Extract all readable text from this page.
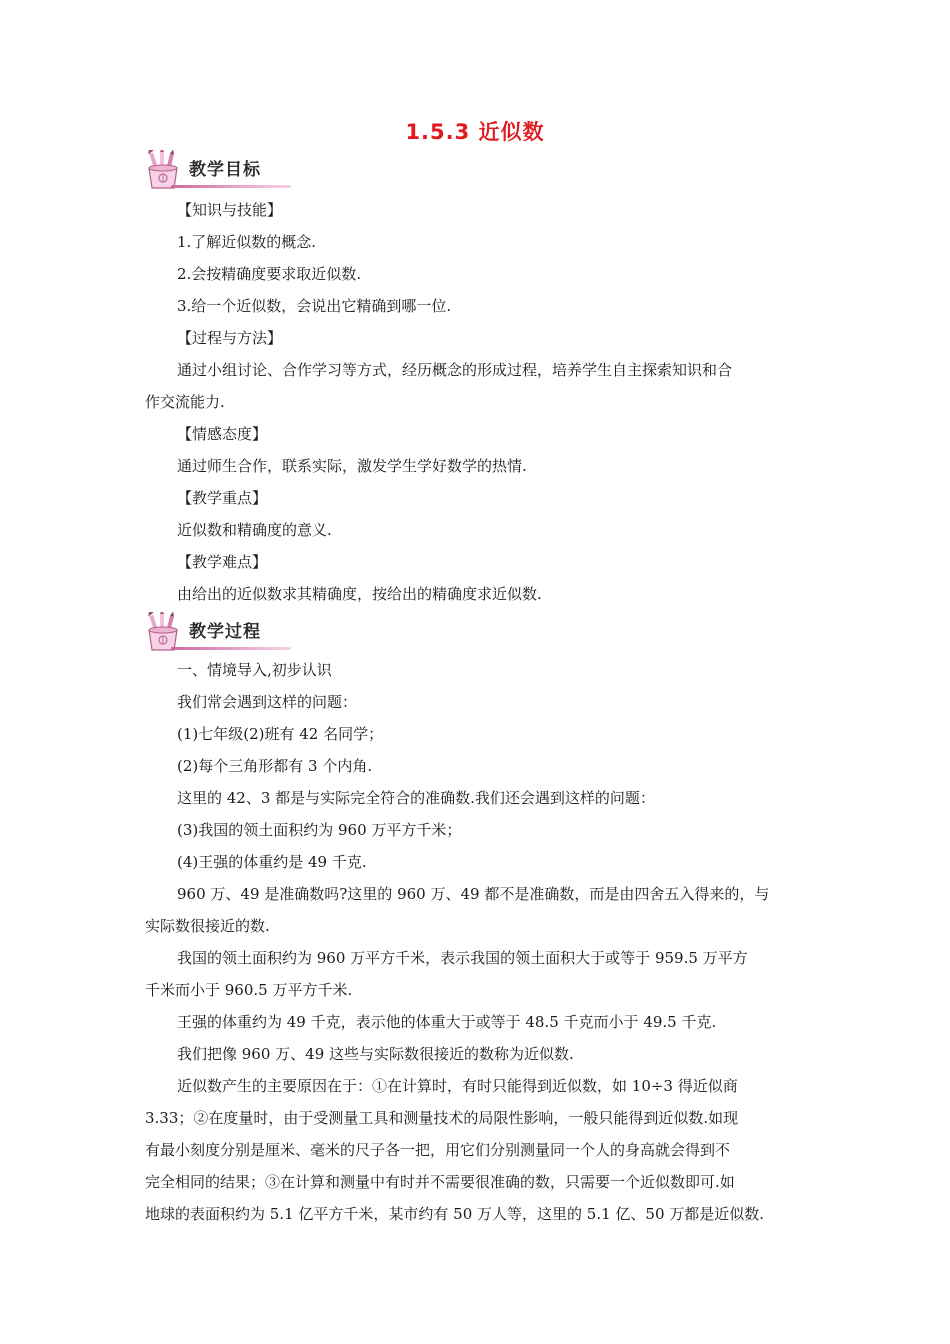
1.5.3 近似数
教学目标
【知识与技能】
1.了解近似数的概念.
2.会按精确度要求取近似数.
3.给一个近似数，会说出它精确到哪一位.
【过程与方法】
通过小组讨论、合作学习等方式，经历概念的形成过程，培养学生自主探索知识和合
作交流能力.
【情感态度】
通过师生合作，联系实际，激发学生学好数学的热情.
【教学重点】
近似数和精确度的意义.
【教学难点】
由给出的近似数求其精确度，按给出的精确度求近似数.
教学过程
一、情境导入,初步认识
我们常会遇到这样的问题：
(1)七年级(2)班有 42 名同学；
(2)每个三角形都有 3 个内角.
这里的 42、3 都是与实际完全符合的准确数.我们还会遇到这样的问题：
(3)我国的领土面积约为 960 万平方千米；
(4)王强的体重约是 49 千克.
960 万、49 是准确数吗?这里的 960 万、49 都不是准确数，而是由四舍五入得来的，与
实际数很接近的数.
我国的领土面积约为 960 万平方千米，表示我国的领土面积大于或等于 959.5 万平方
千米而小于 960.5 万平方千米.
王强的体重约为 49 千克，表示他的体重大于或等于 48.5 千克而小于 49.5 千克.
我们把像 960 万、49 这些与实际数很接近的数称为近似数.
近似数产生的主要原因在于：①在计算时，有时只能得到近似数，如 10÷3 得近似商
3.33；②在度量时，由于受测量工具和测量技术的局限性影响，一般只能得到近似数.如现
有最小刻度分别是厘米、毫米的尺子各一把，用它们分别测量同一个人的身高就会得到不
完全相同的结果；③在计算和测量中有时并不需要很准确的数，只需要一个近似数即可.如
地球的表面积约为 5.1 亿平方千米，某市约有 50 万人等，这里的 5.1 亿、50 万都是近似数.
